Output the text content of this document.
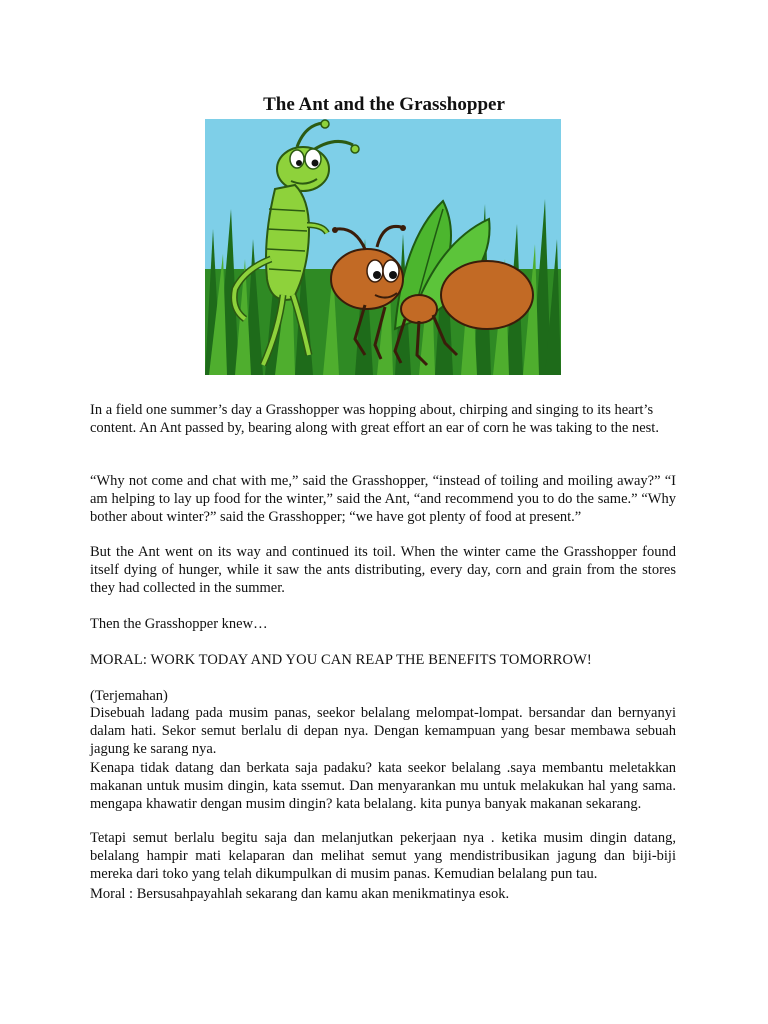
The Ant and the Grasshopper
In a field one summer’s day a Grasshopper was hopping about, chirping and singing to its heart’s content. An Ant passed by, bearing along with great effort an ear of corn he was taking to the nest.
“Why not come and chat with me,” said the Grasshopper, “instead of toiling and moiling away?” “I am helping to lay up food for the winter,” said the Ant, “and recommend you to do the same.” “Why bother about winter?” said the Grasshopper; “we have got plenty of food at present.”
But the Ant went on its way and continued its toil. When the winter came the Grasshopper found itself dying of hunger, while it saw the ants distributing, every day, corn and grain from the stores they had collected in the summer.
Then the Grasshopper knew…
MORAL: WORK TODAY AND YOU CAN REAP THE BENEFITS TOMORROW!
(Terjemahan)
Disebuah ladang pada musim panas, seekor belalang melompat-lompat. bersandar dan bernyanyi dalam hati. Sekor semut berlalu di depan nya. Dengan kemampuan yang besar membawa sebuah jagung ke sarang nya.
Kenapa tidak datang dan berkata saja padaku? kata seekor belalang .saya membantu meletakkan makanan untuk musim dingin, kata ssemut. Dan menyarankan mu untuk melakukan hal yang sama. mengapa khawatir dengan musim dingin? kata belalang. kita punya banyak makanan sekarang.
Tetapi semut berlalu begitu saja dan melanjutkan pekerjaan nya . ketika musim dingin datang, belalang hampir mati kelaparan dan melihat semut yang mendistribusikan jagung dan biji-biji mereka dari toko yang telah dikumpulkan di musim panas. Kemudian belalang pun tau.
Moral : Bersusahpayahlah sekarang dan kamu akan menikmatinya esok.
